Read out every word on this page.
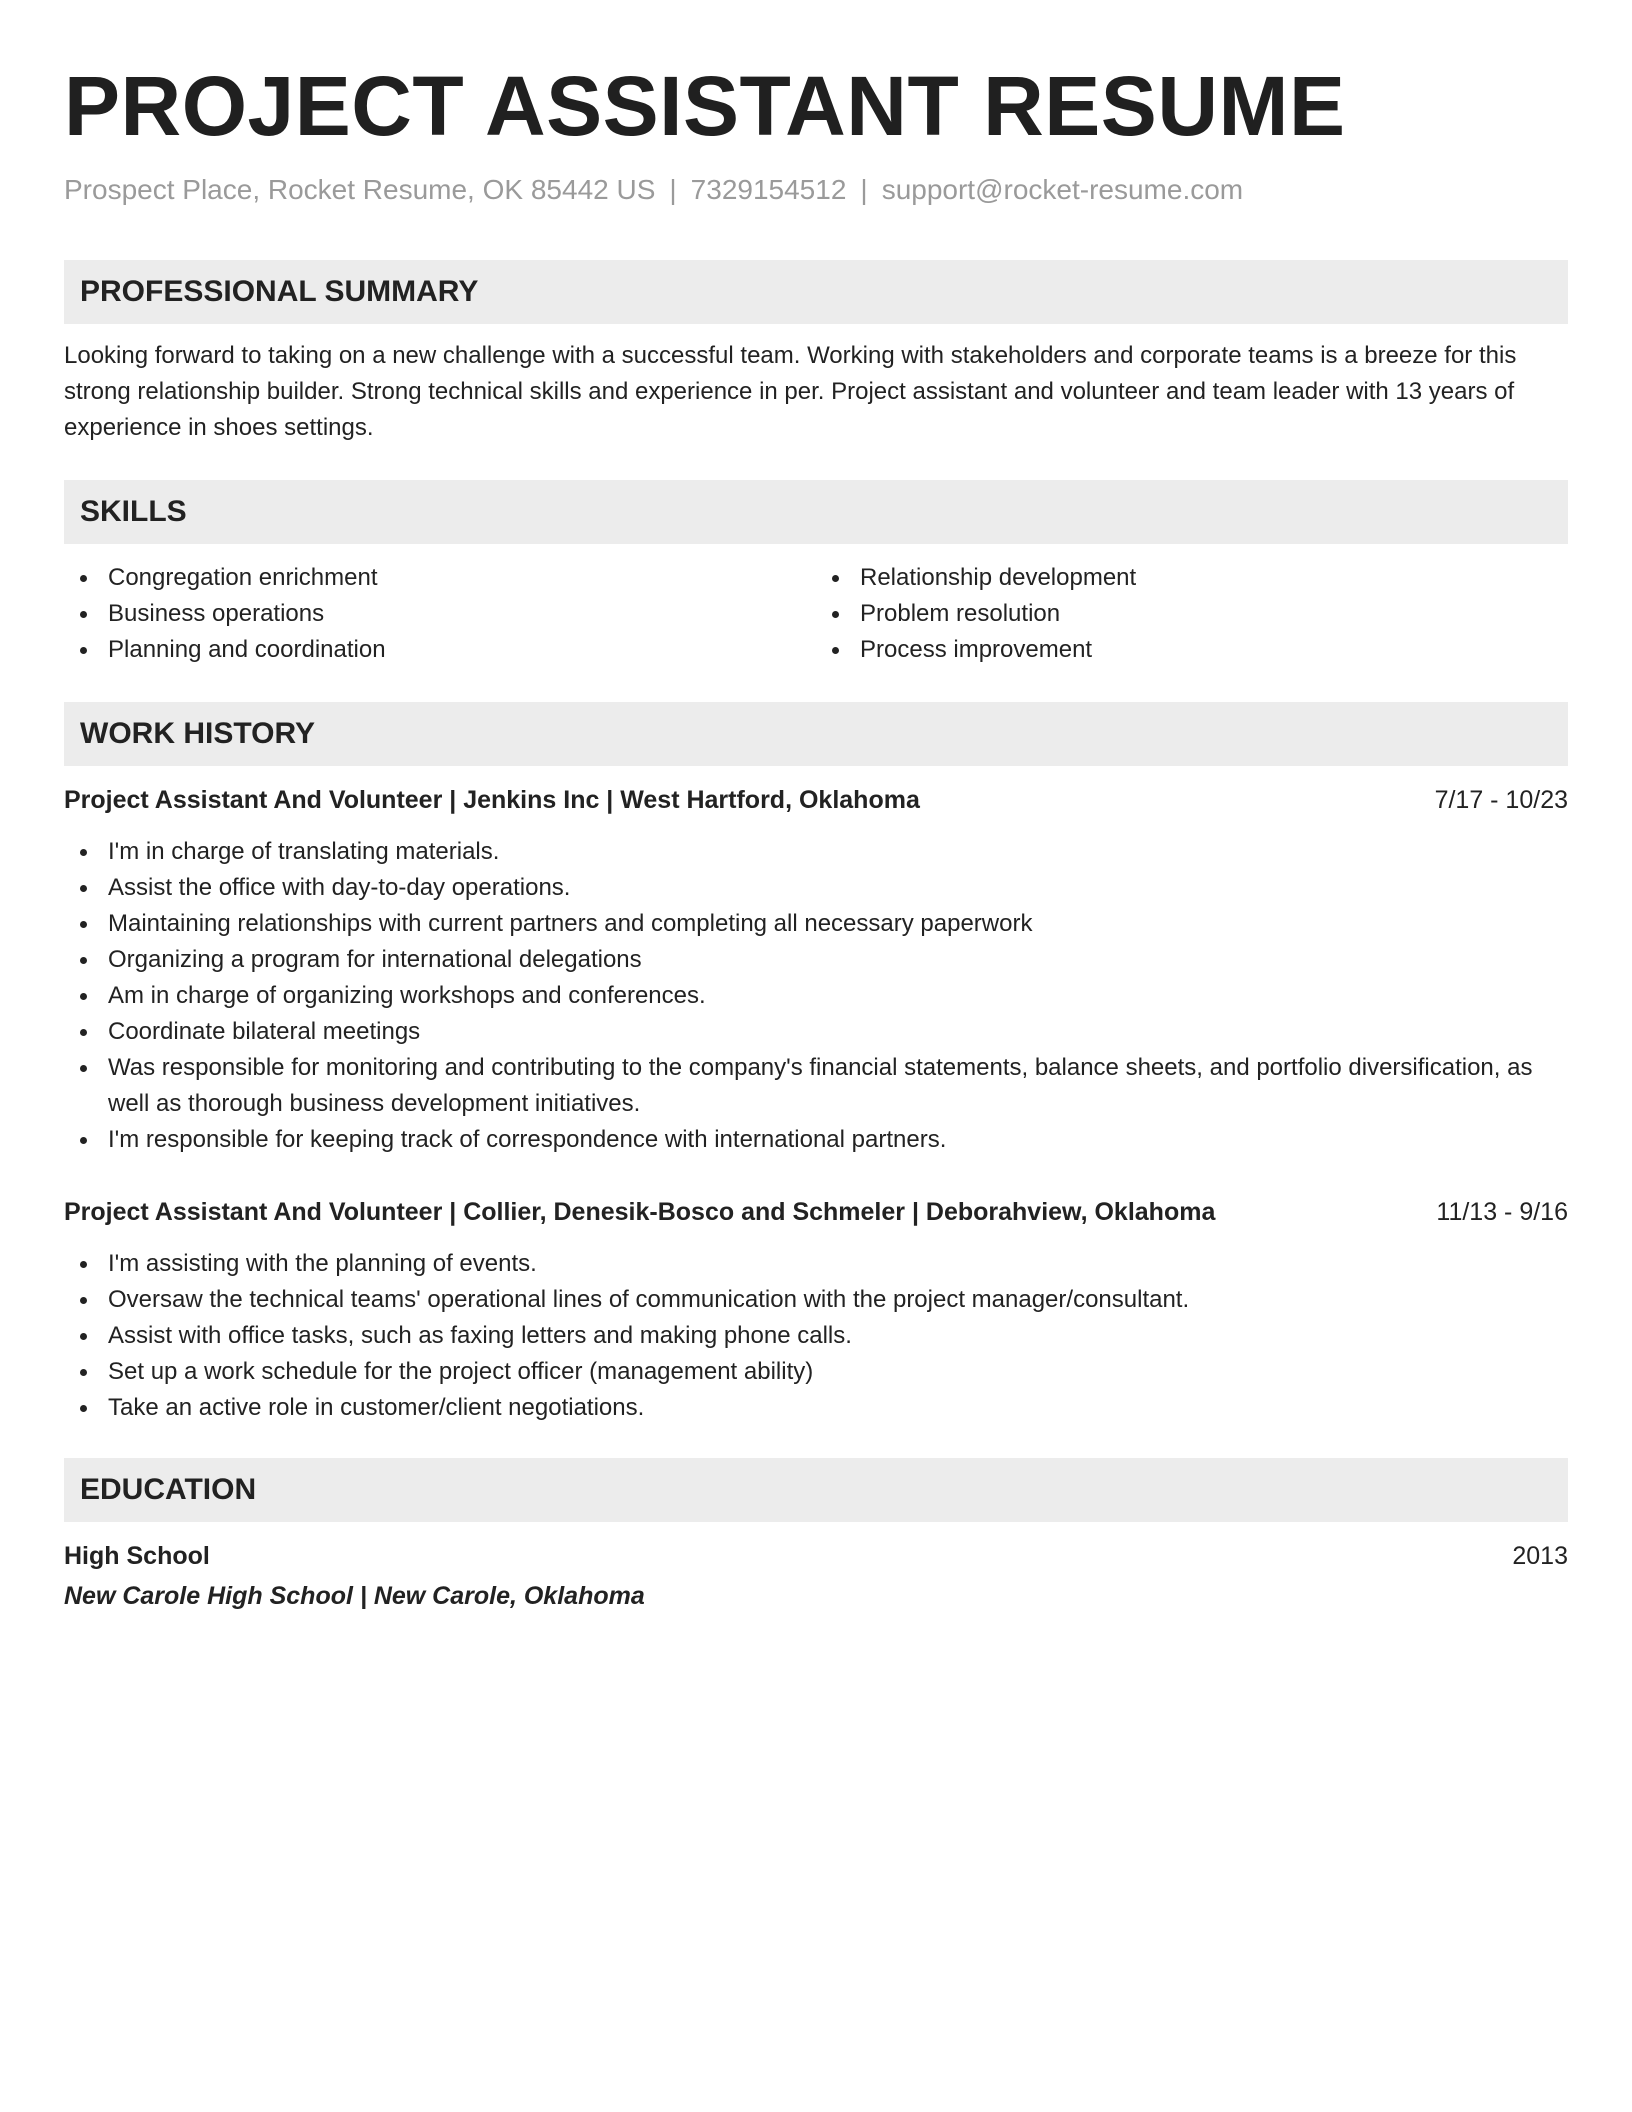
PROJECT ASSISTANT RESUME
Prospect Place, Rocket Resume, OK 85442 US | 7329154512 | support@rocket-resume.com
PROFESSIONAL SUMMARY

Looking forward to taking on a new challenge with a successful team. Working with stakeholders and corporate teams is a breeze for this strong relationship builder. Strong technical skills and experience in per. Project assistant and volunteer and team leader with 13 years of experience in shoes settings.

SKILLS
Congregation enrichment
Business operations
Planning and coordination
Relationship development
Problem resolution
Process improvement
WORK HISTORY
Project Assistant And Volunteer | Jenkins Inc | West Hartford, Oklahoma	7/17 - 10/23
I'm in charge of translating materials.
Assist the office with day-to-day operations.
Maintaining relationships with current partners and completing all necessary paperwork
Organizing a program for international delegations
Am in charge of organizing workshops and conferences.
Coordinate bilateral meetings
Was responsible for monitoring and contributing to the company's financial statements, balance sheets, and portfolio diversification, as well as thorough business development initiatives.
I'm responsible for keeping track of correspondence with international partners.
Project Assistant And Volunteer | Collier, Denesik-Bosco and Schmeler | Deborahview, Oklahoma	11/13 - 9/16
I'm assisting with the planning of events.
Oversaw the technical teams' operational lines of communication with the project manager/consultant.
Assist with office tasks, such as faxing letters and making phone calls.
Set up a work schedule for the project officer (management ability)
Take an active role in customer/client negotiations.
EDUCATION
High School	2013
New Carole High School | New Carole, Oklahoma
